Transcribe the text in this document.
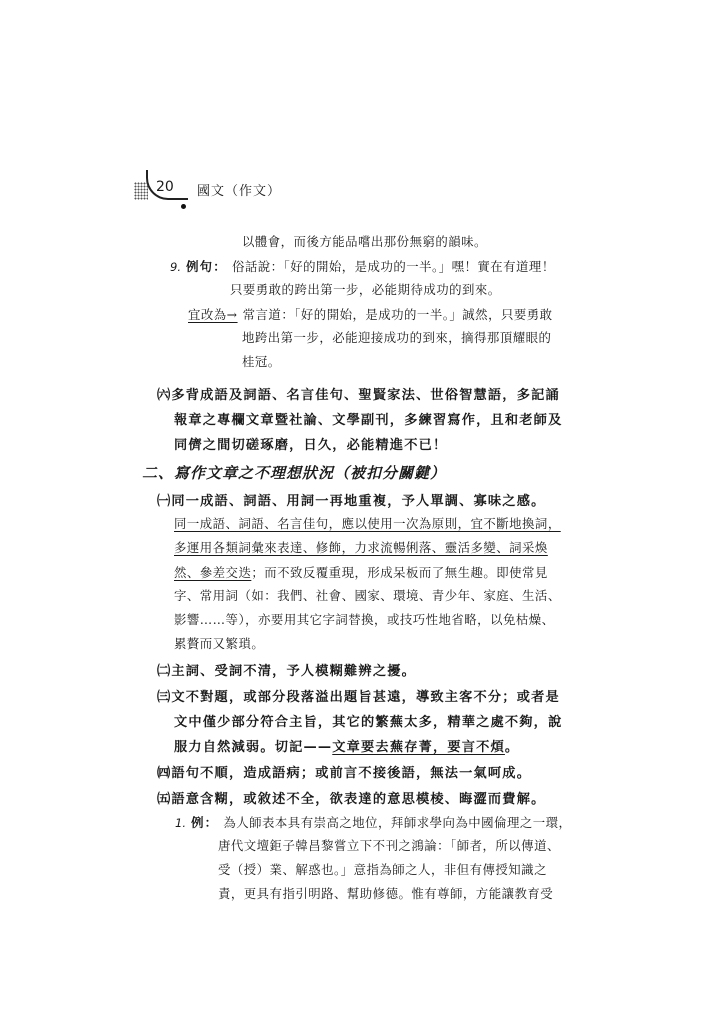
20 國文（作文）
以體會，而後方能品嚐出那份無窮的韻味。
9. 例句： 俗話說：「好的開始，是成功的一半。」嘿！實在有道理！
只要勇敢的跨出第一步，必能期待成功的到來。
宜改為→ 常言道：「好的開始，是成功的一半。」誠然，只要勇敢
地跨出第一步，必能迎接成功的到來，摘得那頂耀眼的
桂冠。
㈥多背成語及詞語、名言佳句、聖賢家法、世俗智慧語，多記誦
報章之專欄文章暨社論、文學副刊，多練習寫作，且和老師及
同儕之間切磋琢磨，日久，必能精進不已！
二、寫作文章之不理想狀況（被扣分關鍵）
㈠同一成語、詞語、用詞一再地重複，予人單調、寡味之感。
同一成語、詞語、名言佳句，應以使用一次為原則，宜不斷地換詞，
多運用各類詞彙來表達、修飾，力求流暢俐落、靈活多變、詞采煥
然、參差交迭；而不致反覆重現，形成呆板而了無生趣。即使常見
字、常用詞（如：我們、社會、國家、環境、青少年、家庭、生活、
影響……等），亦要用其它字詞替換，或技巧性地省略，以免枯燥、
累贅而又繁瑣。
㈡主詞、受詞不清，予人模糊難辨之擾。
㈢文不對題，或部分段落溢出題旨甚遠，導致主客不分；或者是
文中僅少部分符合主旨，其它的繁蕪太多，精華之處不夠，說
服力自然減弱。切記——文章要去蕪存菁，要言不煩。
㈣語句不順，造成語病；或前言不接後語，無法一氣呵成。
㈤語意含糊，或敘述不全，欲表達的意思模棱、晦澀而費解。
1. 例： 為人師表本具有崇高之地位，拜師求學向為中國倫理之一環，
唐代文壇鉅子韓昌黎嘗立下不刊之鴻論：「師者，所以傳道、
受（授）業、解惑也。」意指為師之人，非但有傳授知識之
責，更具有指引明路、幫助修德。惟有尊師，方能讓教育受
